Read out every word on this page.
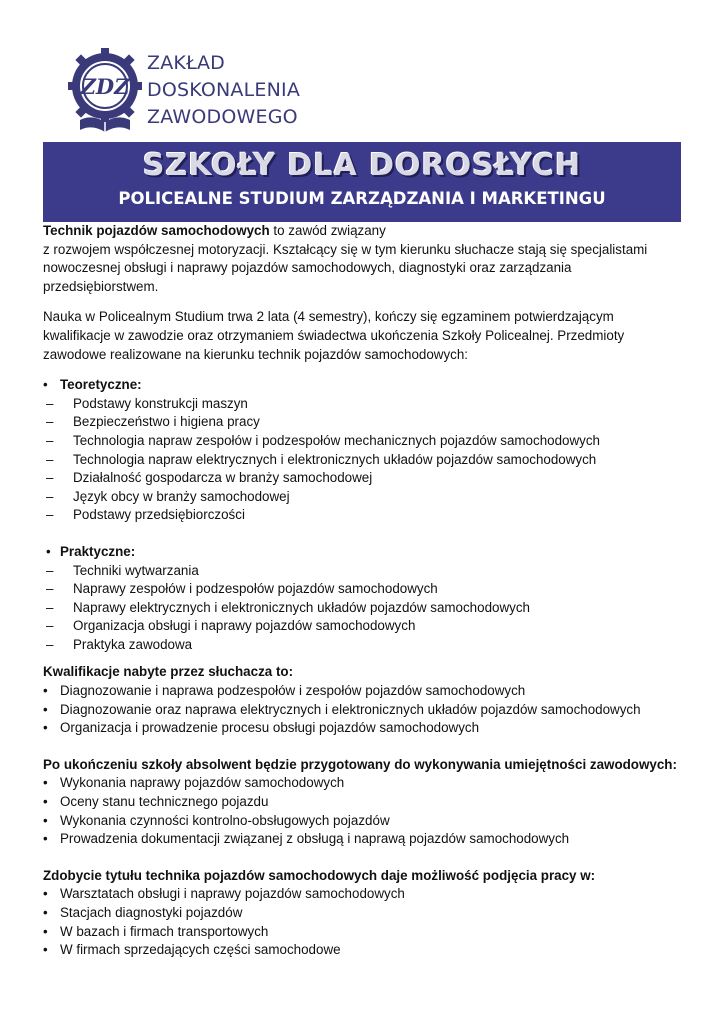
ZDZ
ZAKŁAD
DOSKONALENIA
ZAWODOWEGO
SZKOŁY DLA DOROSŁYCH
POLICEALNE STUDIUM ZARZĄDZANIA I MARKETINGU

Technik pojazdów samochodowych to zawód związany
z rozwojem współczesnej motoryzacji. Kształcący się w tym kierunku słuchacze stają się specjalistami
nowoczesnej obsługi i naprawy pojazdów samochodowych, diagnostyki oraz zarządzania
przedsiębiorstwem.

Nauka w Policealnym Studium trwa 2 lata (4 semestry), kończy się egzaminem potwierdzającym
kwalifikacje w zawodzie oraz otrzymaniem świadectwa ukończenia Szkoły Policealnej. Przedmioty
zawodowe realizowane na kierunku technik pojazdów samochodowych:

• Teoretyczne:
–	Podstawy konstrukcji maszyn
–	Bezpieczeństwo i higiena pracy
–	Technologia napraw zespołów i podzespołów mechanicznych pojazdów samochodowych
–	Technologia napraw elektrycznych i elektronicznych układów pojazdów samochodowych
–	Działalność gospodarcza w branży samochodowej
–	Język obcy w branży samochodowej
–	Podstawy przedsiębiorczości
• Praktyczne:
–	Techniki wytwarzania
–	Naprawy zespołów i podzespołów pojazdów samochodowych
–	Naprawy elektrycznych i elektronicznych układów pojazdów samochodowych
–	Organizacja obsługi i naprawy pojazdów samochodowych
–	Praktyka zawodowa

Kwalifikacje nabyte przez słuchacza to:

• Diagnozowanie i naprawa podzespołów i zespołów pojazdów samochodowych
• Diagnozowanie oraz naprawa elektrycznych i elektronicznych układów pojazdów samochodowych
• Organizacja i prowadzenie procesu obsługi pojazdów samochodowych

Po ukończeniu szkoły absolwent będzie przygotowany do wykonywania umiejętności zawodowych:

• Wykonania naprawy pojazdów samochodowych
• Oceny stanu technicznego pojazdu
• Wykonania czynności kontrolno-obsługowych pojazdów
• Prowadzenia dokumentacji związanej z obsługą i naprawą pojazdów samochodowych

Zdobycie tytułu technika pojazdów samochodowych daje możliwość podjęcia pracy w:

• Warsztatach obsługi i naprawy pojazdów samochodowych
• Stacjach diagnostyki pojazdów
• W bazach i firmach transportowych
• W firmach sprzedających części samochodowe
